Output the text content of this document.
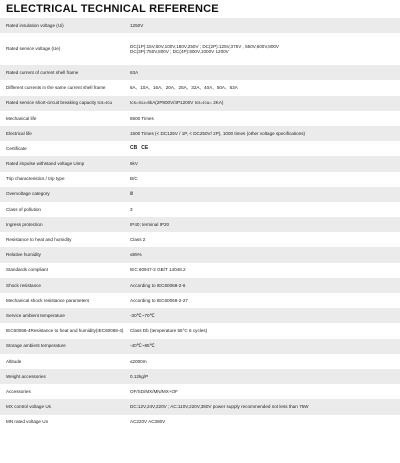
ELECTRICAL TECHNICAL REFERENCE
Rated insulation voltage (Ui)	1250V

Rated service voltage (Ue)	DC(1P):15V,60V,100V,180V,250V ; DC(2P):125V,375V , 550V,600V,800V
DC(3P):750V,800V ; DC(4P):800V,1000V 1200V

Rated current of current shell frame	63A

Different currents in the same current shell frame	6A、10A、16A、20A、25A、32A、40A、50A、63A

Rated service short-circuit breaking capacity Ics=Icu	Ics=Icu=6kA(2P800V/4P1200V Ics=Icu= 2KA)

Mechanical life	8500 Times

Electrical life	1500 Times (< DC125V / 1P, < DC250V/ 2P), 1000 times (other voltage specifications)

Certificate	CB CE
Rated impulse withstand voltage Uimp	6kV

Trip characteristics / trip type	B/C

Overvoltage category	Ⅲ

Class of pollution	3

Ingress protection	IP40; terminal IP20

Resistance to heat and humidity	Class 2

Relative humidity	≤95%

Standards compliant	IEC 60947-2 GB/T 14048.2

Shock resistance	According to IEC60068-2-6

Mechanical shock resistance parameters	According to IEC60068-2-27

Service ambient temperature	-30℃~70℃

IEC60068-4Resistance to heat and humidity(IEC60068-4)	Class Db (temperature 55°C 6 cycles)

Storage ambient temperature	-40℃~85℃

Altitude	≤2000m

Weight accessories	0.12kg/P

Accessories	OF/SD/MX/MN/MX+OF

MX control voltage Us	DC:12V,24V,220V ; AC:110V,220V,380V power supply recommended not less than 75W

MN rated voltage Un	AC220V AC380V
